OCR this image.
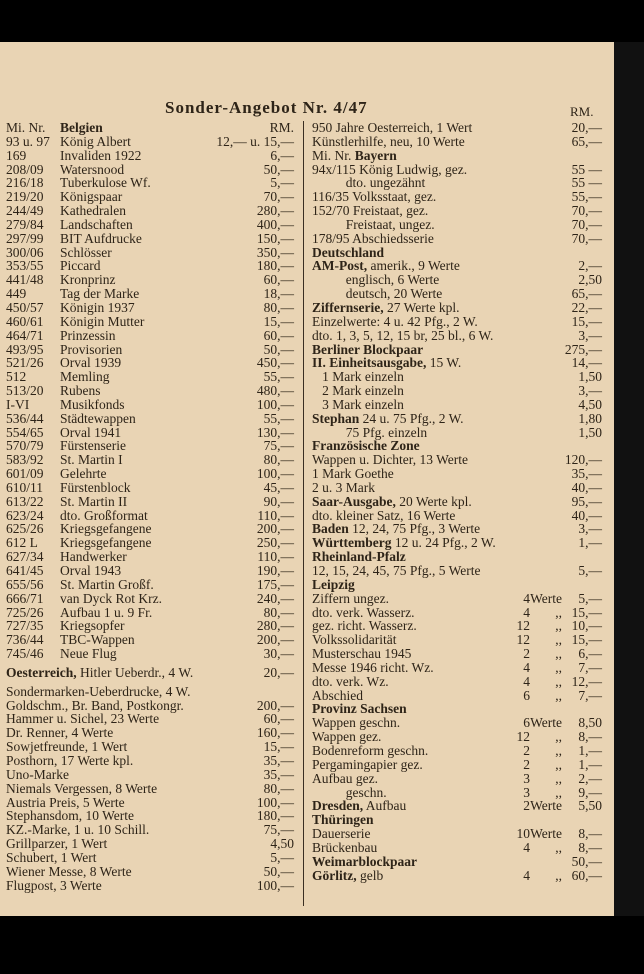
Sonder-Angebot Nr. 4/47	RM.
Mi. Nr. Belgien	RM.
93 u. 97 König Albert	12,— u. 15,—
169	Invaliden 1922	6,—
208/09 Watersnood	50,—
216/18 Tuberkulose Wf.	5,—
219/20 Königspaar	70,—
244/49 Kathedralen	280,—
279/84 Landschaften	400,—
297/99 BIT Aufdrucke	150,—
300/06 Schlösser	350,—
353/55 Piccard	180,—
441/48 Kronprinz	60,—
449	Tag der Marke	18,—
450/57 Königin 1937	80,—
460/61 Königin Mutter	15,—
464/71 Prinzessin	60,—
493/95 Provisorien	50,—
521/26 Orval 1939	450,—
512	Memling	55,—
513/20 Rubens	480,—
I-VI Musikfonds	100,—
536/44 Städtewappen	55,—
554/65 Orval 1941	130,—
570/79 Fürstenserie	75,—
583/92 St. Martin I	80,—
601/09 Gelehrte	100,—
610/11 Fürstenblock	45,—
613/22 St. Martin II	90,—
623/24 dto. Großformat	110,—
625/26 Kriegsgefangene	200,—
612 L Kriegsgefangene	250,—
627/34 Handwerker	110,—
641/45 Orval 1943	190,—
655/56 St. Martin Großf.	175,—
666/71 van Dyck Rot Krz.	240,—
725/26 Aufbau 1 u. 9 Fr.	80,—
727/35 Kriegsopfer	280,—
736/44 TBC-Wappen	200,—
745/46 Neue Flug	30,—
Oesterreich, Hitler Ueberdr., 4 W.	20,—
Sondermarken-Ueberdrucke, 4 W.
Goldschm., Br. Band, Postkongr.	200,—
Hammer u. Sichel, 23 Werte	60,—
Dr. Renner, 4 Werte	160,—
Sowjetfreunde, 1 Wert	15,—
Posthorn, 17 Werte kpl.	35,—
Uno-Marke	35,—
Niemals Vergessen, 8 Werte	80,—
Austria Preis, 5 Werte	100,—
Stephansdom, 10 Werte	180,—
KZ.-Marke, 1 u. 10 Schill.	75,—
Grillparzer, 1 Wert	4,50
Schubert, 1 Wert	5,—
Wiener Messe, 8 Werte	50,—
Flugpost, 3 Werte	100,—
950 Jahre Oesterreich, 1 Wert	20,—
Künstlerhilfe, neu, 10 Werte	65,—
Mi. Nr. Bayern
94x/115 König Ludwig, gez.	55 —
dto. ungezähnt	55 —
116/35 Volksstaat, gez.	55,—
152/70 Freistaat, gez.	70,—
Freistaat, ungez.	70,—
178/95 Abschiedsserie	70,—
Deutschland
AM-Post, amerik., 9 Werte	2,—
englisch, 6 Werte	2,50
deutsch, 20 Werte	65,—
Ziffernserie, 27 Werte kpl.	22,—
Einzelwerte: 4 u. 42 Pfg., 2 W.	15,—
dto. 1, 3, 5, 12, 15 br, 25 bl., 6 W.	3,—
Berliner Blockpaar	275,—
II. Einheitsausgabe, 15 W.	14,—
1 Mark einzeln	1,50
2 Mark einzeln	3,—
3 Mark einzeln	4,50
Stephan 24 u. 75 Pfg., 2 W.	1,80
75 Pfg. einzeln	1,50
Französische Zone
Wappen u. Dichter, 13 Werte	120,—
1 Mark Goethe	35,—
2 u. 3 Mark	40,—
Saar-Ausgabe, 20 Werte kpl.	95,—
dto. kleiner Satz, 16 Werte	40,—
Baden 12, 24, 75 Pfg., 3 Werte	3,—
Württemberg 12 u. 24 Pfg., 2 W.	1,—
Rheinland-Pfalz
12, 15, 24, 45, 75 Pfg., 5 Werte	5,—
Leipzig
Ziffern ungez.	4 Werte 5,—
dto. verk. Wasserz.	4 ,, 15,—
gez. richt. Wasserz.	12 ,, 10,—
Volkssolidarität	12 ,, 15,—
Musterschau 1945	2 ,, 6,—
Messe 1946 richt. Wz.	4 ,, 7,—
dto. verk. Wz.	4 ,, 12,—
Abschied	6 ,, 7,—
Provinz Sachsen
Wappen geschn.	6 Werte 8,50
Wappen gez.	12 ,, 8,—
Bodenreform geschn.	2 ,, 1,—
Pergamingapier gez.	2 ,, 1,—
Aufbau gez.	3 ,, 2,—
geschn.	3 ,, 9,—
Dresden, Aufbau	2 Werte 5,50
Thüringen
Dauerserie	10 Werte 8,—
Brückenbau	4 ,, 8,—
Weimarblockpaar	50,—
Görlitz, gelb	4 ,, 60,—
